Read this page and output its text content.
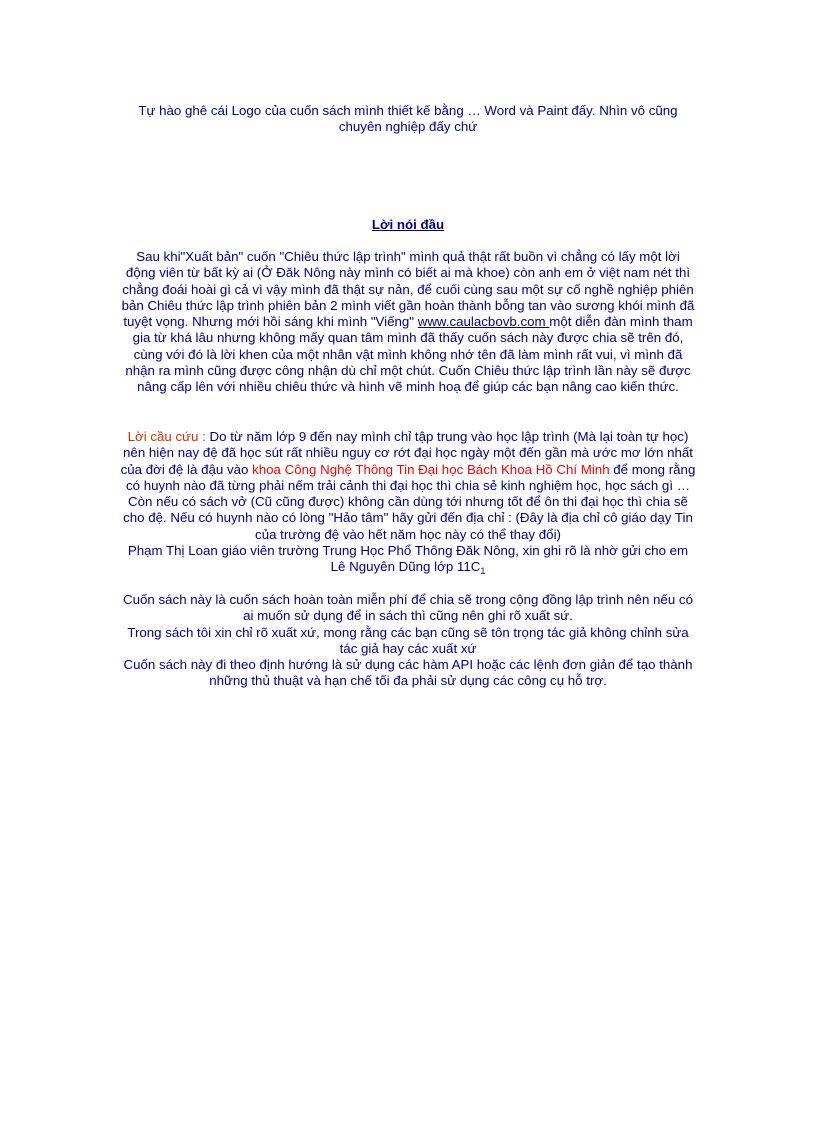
Tự hào ghê cái Logo của cuốn sách mình thiết kế bằng … Word và Paint đấy. Nhìn vô cũng
chuyên nghiệp đấy chứ
Lời nói đầu

Sau khi"Xuất bản" cuốn "Chiêu thức lập trình" mình quả thật rất buồn vì chẳng có lấy một lời động viên từ bất kỳ ai (Ở Đăk Nông này mình có biết ai mà khoe) còn anh em ở việt nam nét thì chẳng đoái hoài gì cả vì vậy mình đã thật sự nản, để cuối cùng sau một sự cố nghề nghiệp phiên bản Chiêu thức lập trình phiên bản 2 mình viết gần hoàn thành bỗng tan vào sương khói mình đã tuyệt vọng. Nhưng mới hồi sáng khi mình "Viếng" www.caulacbovb.com một diễn đàn mình tham gia từ khá lâu nhưng không mấy quan tâm mình đã thấy cuốn sách này được chia sẽ trên đó, cùng với đó là lời khen của một nhân vật mình không nhớ tên đã làm mình rất vui, vì mình đã nhận ra mình cũng được công nhận dù chỉ một chút. Cuốn Chiêu thức lập trình lần này sẽ được nâng cấp lên với nhiều chiêu thức và hình vẽ minh hoạ để giúp các bạn nâng cao kiến thức.

Lời cầu cứu : Do từ năm lớp 9 đến nay mình chỉ tập trung vào học lập trình (Mà lại toàn tự học) nên hiện nay đệ đã học sút rất nhiều nguy cơ rớt đại học ngày một đến gần mà ước mơ lớn nhất của đời đệ là đậu vào khoa Công Nghệ Thông Tin Đại học Bách Khoa Hồ Chí Minh để mong rằng có huynh nào đã từng phải nếm trải cảnh thi đại học thì chia sẻ kinh nghiệm học, học sách gì … Còn nếu có sách vở (Cũ cũng được) không cần dùng tới nhưng tốt để ôn thi đại học thì chia sẽ cho đệ. Nếu có huynh nào có lòng "Hảo tâm" hãy gửi đến địa chỉ : (Đây là địa chỉ cô giáo dạy Tin của trường đệ vào hết năm học này có thể thay đổi)
Phạm Thị Loan giáo viên trường Trung Học Phổ Thông Đăk Nông, xin ghi rõ là nhờ gửi cho em
Lê Nguyên Dũng lớp $11C_1$
Cuốn sách này là cuốn sách hoàn toàn miễn phí để chia sẽ trong cộng đồng lập trình nên nếu có ai muốn sử dụng để in sách thì cũng nên ghi rõ xuất sứ.
Trong sách tôi xin chỉ rõ xuất xứ, mong rằng các bạn cũng sẽ tôn trọng tác giả không chỉnh sửa tác giả hay các xuất xứ
Cuốn sách này đi theo định hướng là sử dụng các hàm API hoặc các lệnh đơn giản để tạo thành những thủ thuật và hạn chế tối đa phải sử dụng các công cụ hỗ trợ.
